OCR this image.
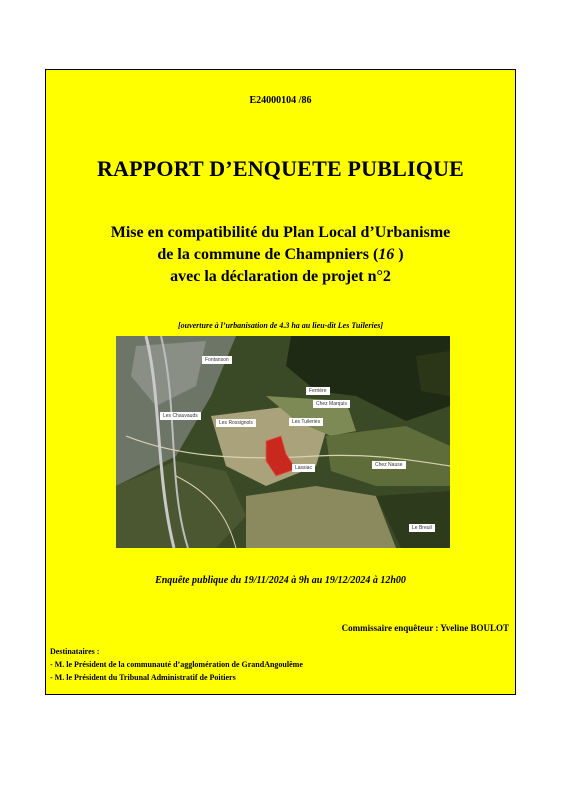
E24000104 /86
RAPPORT D’ENQUETE PUBLIQUE
Mise en compatibilité du Plan Local d’Urbanisme
de la commune de Champniers (16 )
avec la déclaration de projet n°2
[ouverture à l’urbanisation de 4.3 ha au lieu-dit Les Tuileries]
Fontanson
Ferrière
Chez Marquis
Les Chauvauds
Les Rossignols	Les Tuileries
Lassiac	Chez Nause
Le Breuil
Enquête publique du 19/11/2024 à 9h au 19/12/2024 à 12h00
Commissaire enquêteur : Yveline BOULOT
Destinataires :
- M. le Président de la communauté d’agglomération de GrandAngoulême
- M. le Président du Tribunal Administratif de Poitiers
